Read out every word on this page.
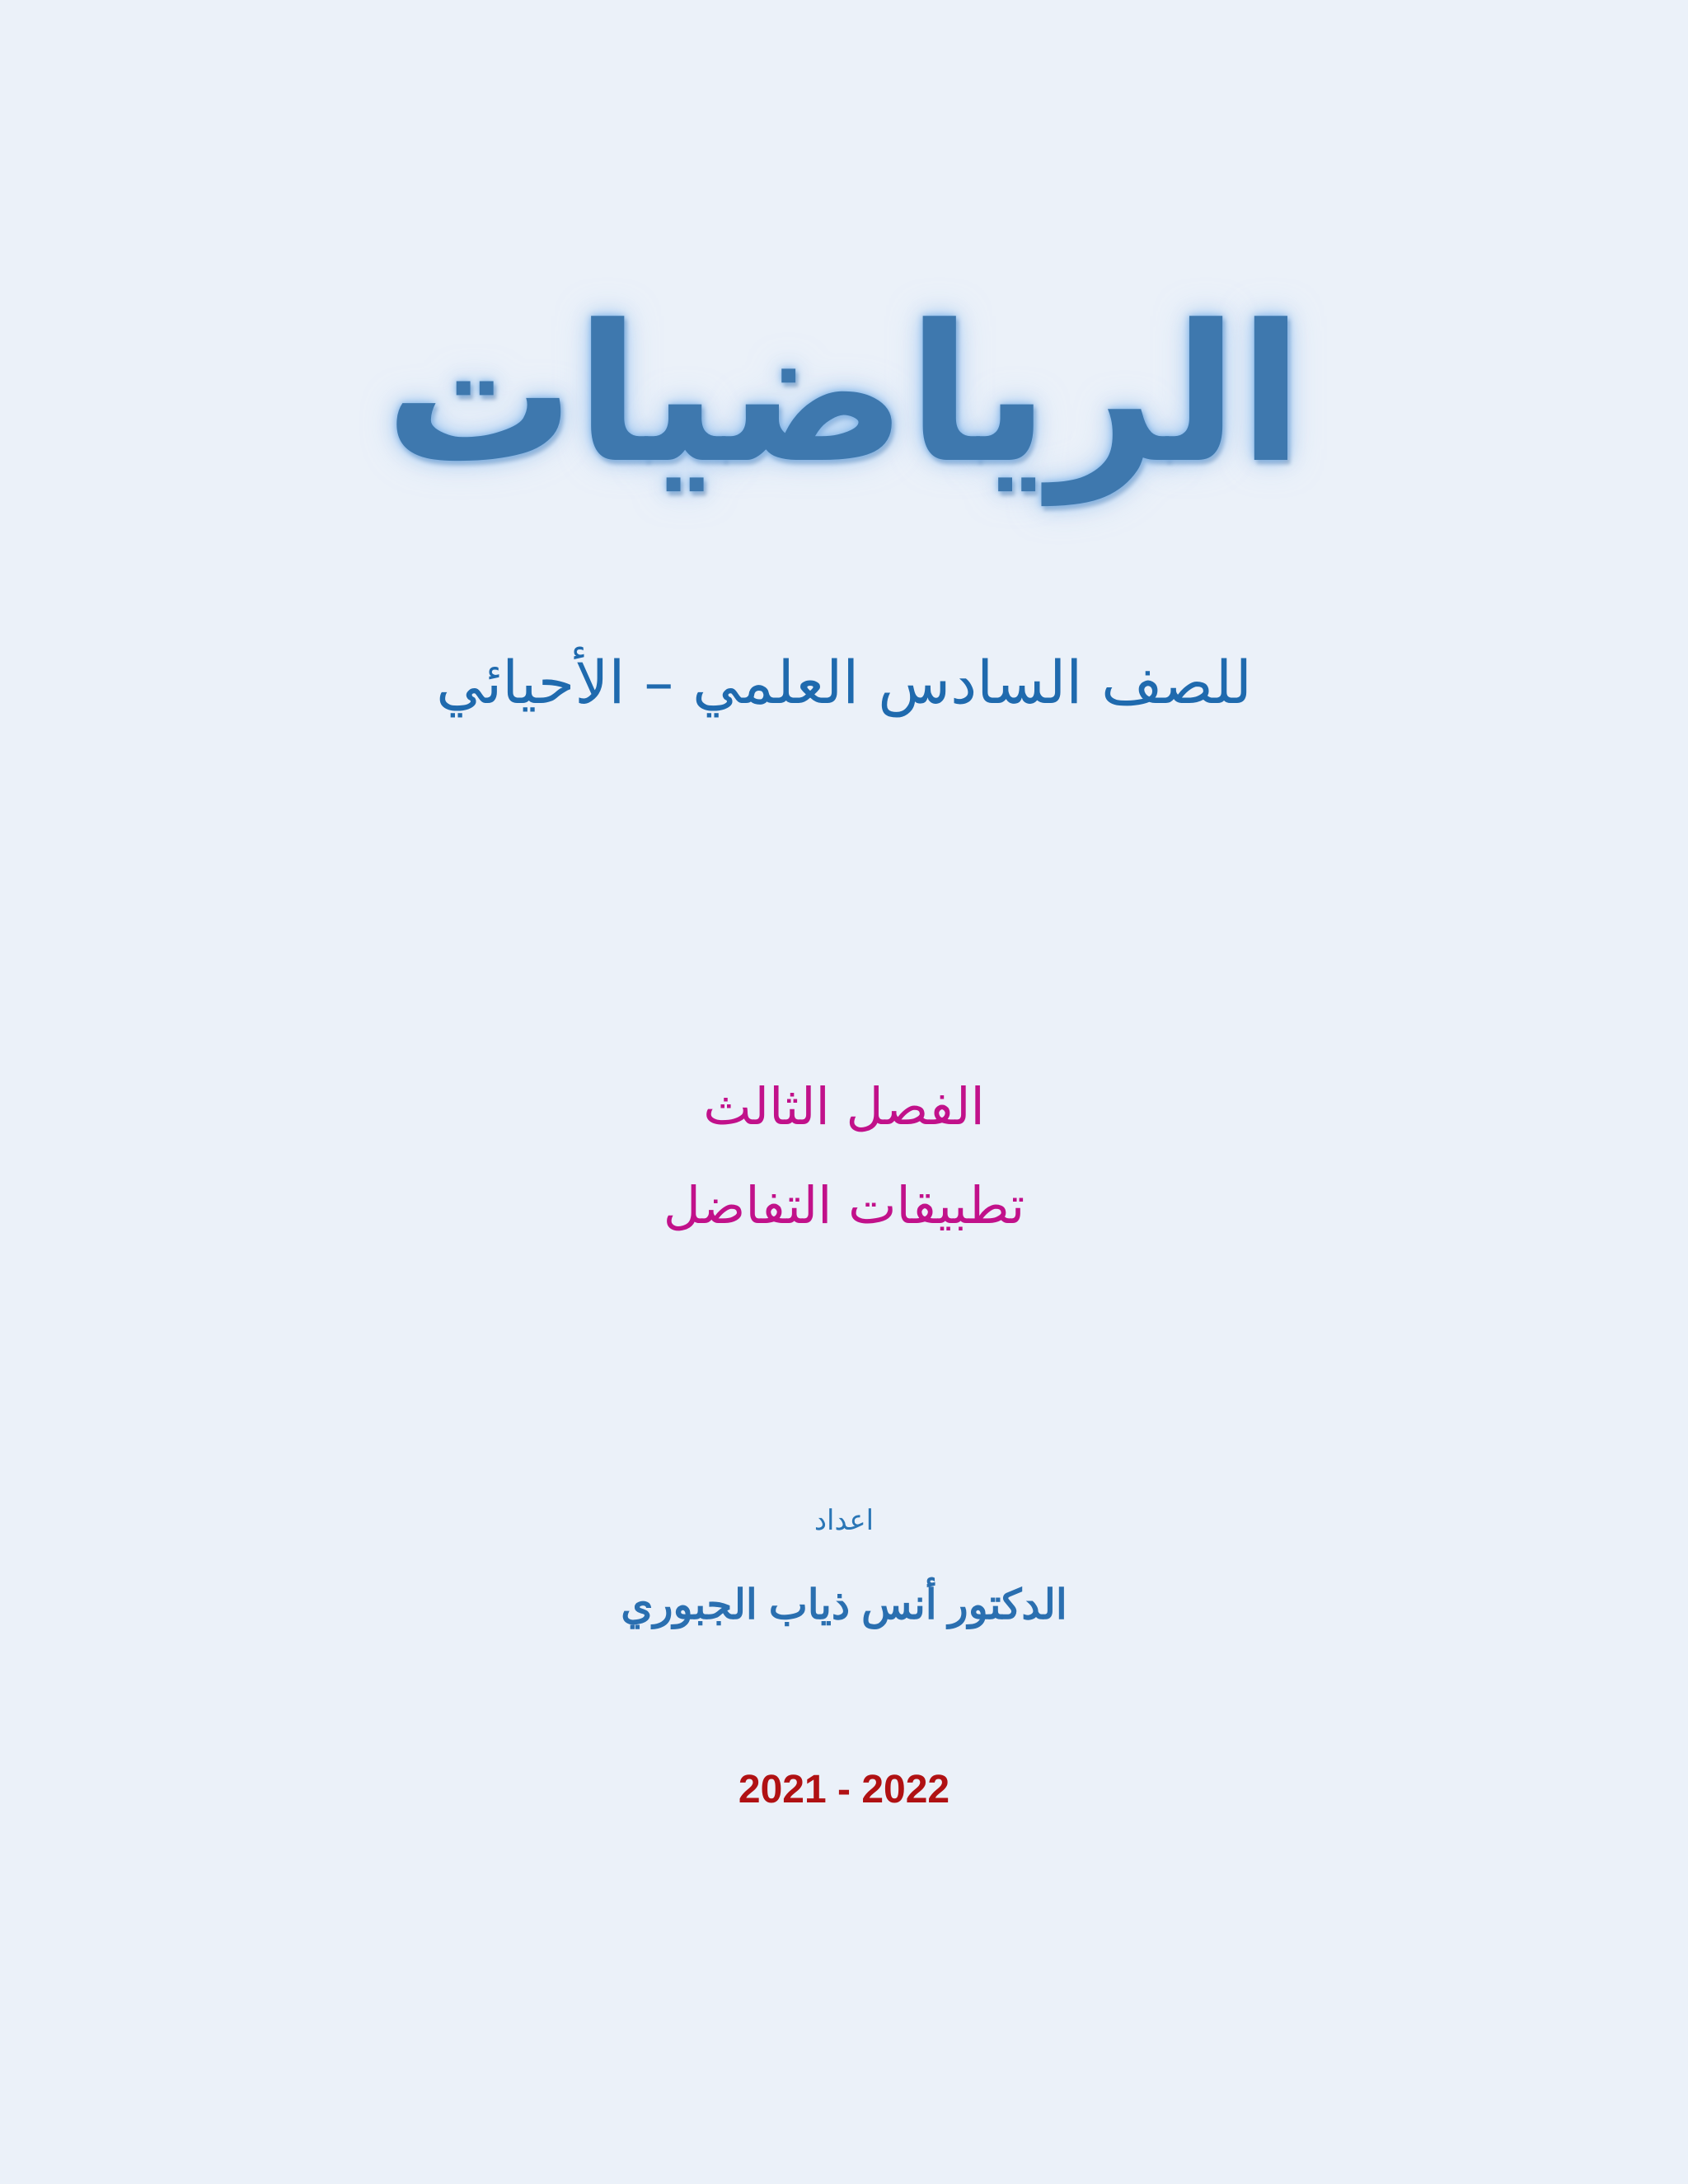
الرياضيات
للصف السادس العلمي – الأحيائي
الفصل الثالث
تطبيقات التفاضل
اعداد
الدكتور أنس ذياب الجبوري
2021 - 2022
